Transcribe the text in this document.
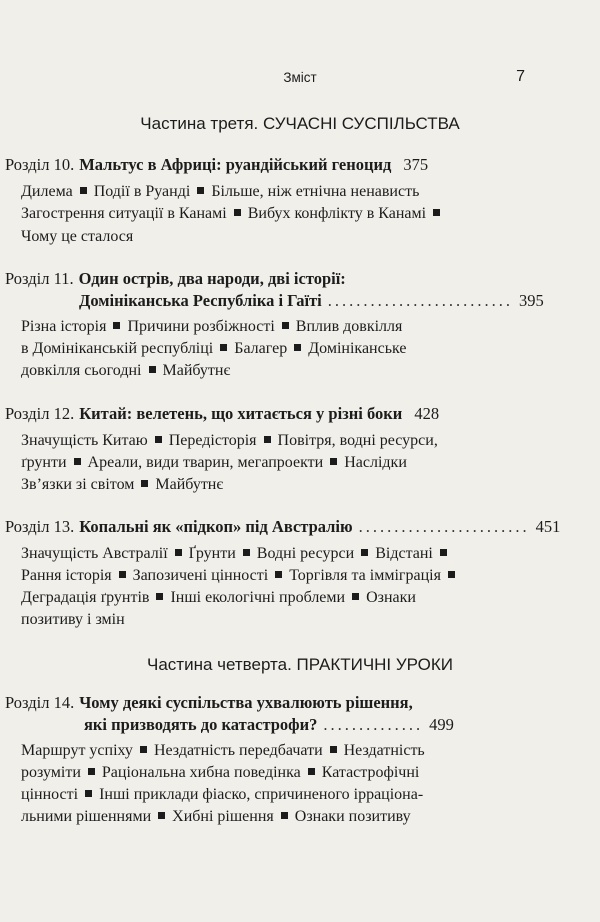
Зміст	7
Частина третя. СУЧАСНІ СУСПІЛЬСТВА
Розділ 10. Мальтус в Африці: руандійський геноцид 375
Дилема Події в Руанді Більше, ніж етнічна ненависть
Загострення ситуації в Канамі Вибух конфлікту в Канамі
Чому це сталося
Розділ 11. Один острів, два народи, дві історії:
Домініканська Республіка і Гаїті .......................... 395
Різна історія Причини розбіжності Вплив довкілля
в Домініканській республіці Балагер Домініканське
довкілля сьогодні Майбутнє
Розділ 12. Китай: велетень, що хитається у різні боки 428
Значущість Китаю Передісторія Повітря, водні ресурси,
ґрунти Ареали, види тварин, мегапроекти Наслідки
Зв’язки зі світом Майбутнє
Розділ 13. Копальні як «підкоп» під Австралію ........................ 451
Значущість Австралії Ґрунти Водні ресурси Відстані
Рання історія Запозичені цінності Торгівля та імміграція
Деградація ґрунтів Інші екологічні проблеми Ознаки
позитиву і змін
Частина четверта. ПРАКТИЧНІ УРОКИ
Розділ 14. Чому деякі суспільства ухвалюють рішення,
які призводять до катастрофи? .............. 499
Маршрут успіху Нездатність передбачати Нездатність
розуміти Раціональна хибна поведінка Катастрофічні
цінності Інші приклади фіаско, спричиненого ірраціона-
льними рішеннями Хибні рішення Ознаки позитиву
